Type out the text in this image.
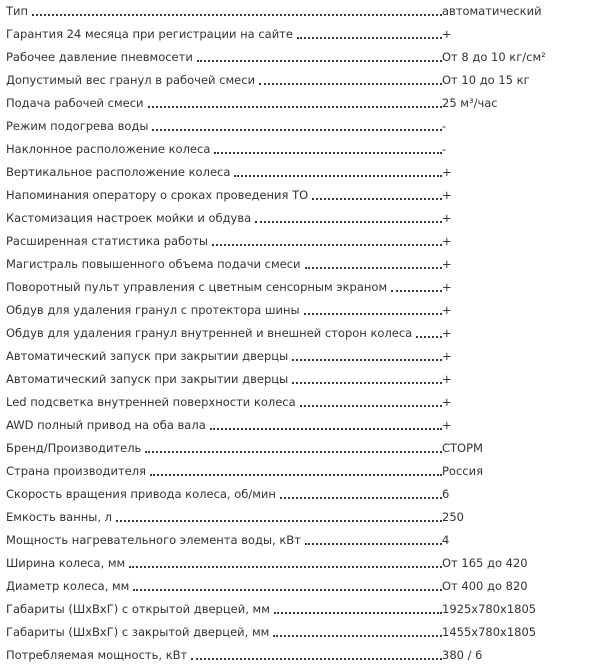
Тип	автоматический
Гарантия 24 месяца при регистрации на сайте	+
Рабочее давление пневмосети	От 8 до 10 кг/см²
Допустимый вес гранул в рабочей смеси	От 10 до 15 кг
Подача рабочей смеси	25 м³/час
Режим подогрева воды	-
Наклонное расположение колеса	-
Вертикальное расположение колеса	+
Напоминания оператору о сроках проведения ТО	+
Кастомизация настроек мойки и обдува	+
Расширенная статистика работы	+
Магистраль повышенного объема подачи смеси	+
Поворотный пульт управления с цветным сенсорным экраном	+
Обдув для удаления гранул с протектора шины	+
Обдув для удаления гранул внутренней и внешней сторон колеса	+
Автоматический запуск при закрытии дверцы	+
Автоматический запуск при закрытии дверцы	+
Led подсветка внутренней поверхности колеса	+
AWD полный привод на оба вала	+
Бренд/Производитель	СТОРМ
Страна производителя	Россия
Скорость вращения привода колеса, об/мин	6
Емкость ванны, л	250
Мощность нагревательного элемента воды, кВт	4
Ширина колеса, мм	От 165 до 420
Диаметр колеса, мм	От 400 до 820
Габариты (ШхВхГ) с открытой дверцей, мм	1925x780x1805
Габариты (ШхВхГ) с закрытой дверцей, мм	1455x780x1805
Потребляемая мощность, кВт	380 / 6
